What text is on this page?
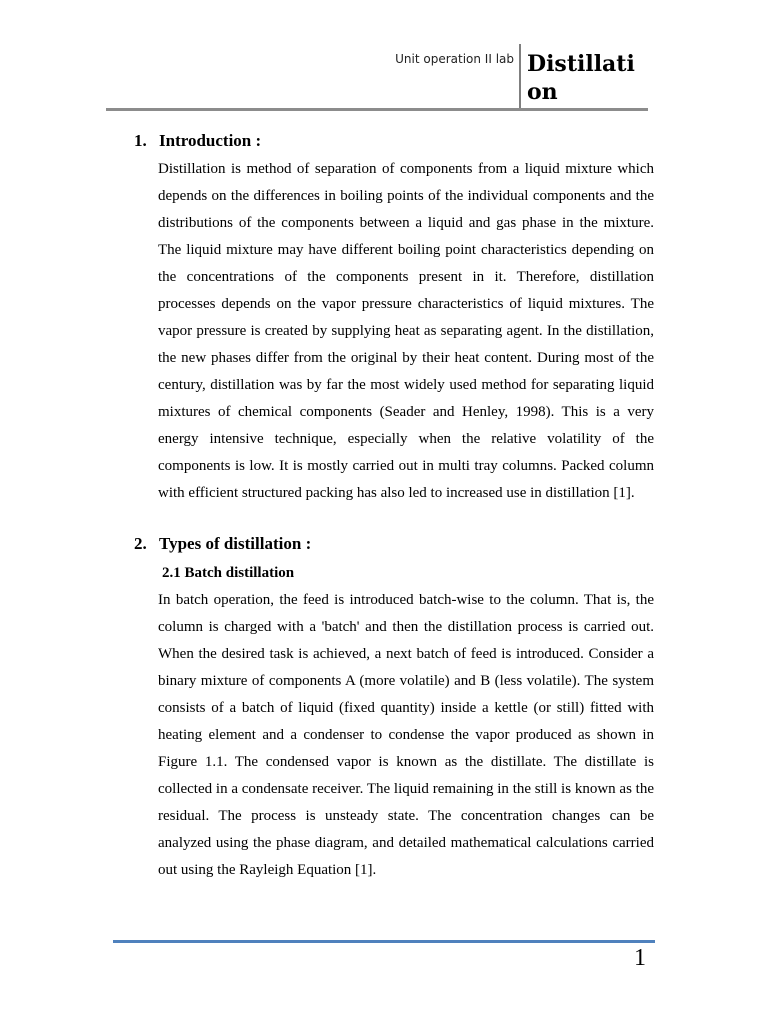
Unit operation II lab Distillation
1. Introduction :

Distillation is method of separation of components from a liquid mixture which depends on the differences in boiling points of the individual components and the distributions of the components between a liquid and gas phase in the mixture. The liquid mixture may have different boiling point characteristics depending on the concentrations of the components present in it. Therefore, distillation processes depends on the vapor pressure characteristics of liquid mixtures. The vapor pressure is created by supplying heat as separating agent. In the distillation, the new phases differ from the original by their heat content. During most of the century, distillation was by far the most widely used method for separating liquid mixtures of chemical components (Seader and Henley, 1998). This is a very energy intensive technique, especially when the relative volatility of the components is low. It is mostly carried out in multi tray columns. Packed column with efficient structured packing has also led to increased use in distillation [1].

2. Types of distillation :
2.1 Batch distillation

In batch operation, the feed is introduced batch-wise to the column. That is, the column is charged with a 'batch' and then the distillation process is carried out. When the desired task is achieved, a next batch of feed is introduced. Consider a binary mixture of components A (more volatile) and B (less volatile). The system consists of a batch of liquid (fixed quantity) inside a kettle (or still) fitted with heating element and a condenser to condense the vapor produced as shown in Figure 1.1. The condensed vapor is known as the distillate. The distillate is collected in a condensate receiver. The liquid remaining in the still is known as the residual. The process is unsteady state. The concentration changes can be analyzed using the phase diagram, and detailed mathematical calculations carried out using the Rayleigh Equation [1].

1
